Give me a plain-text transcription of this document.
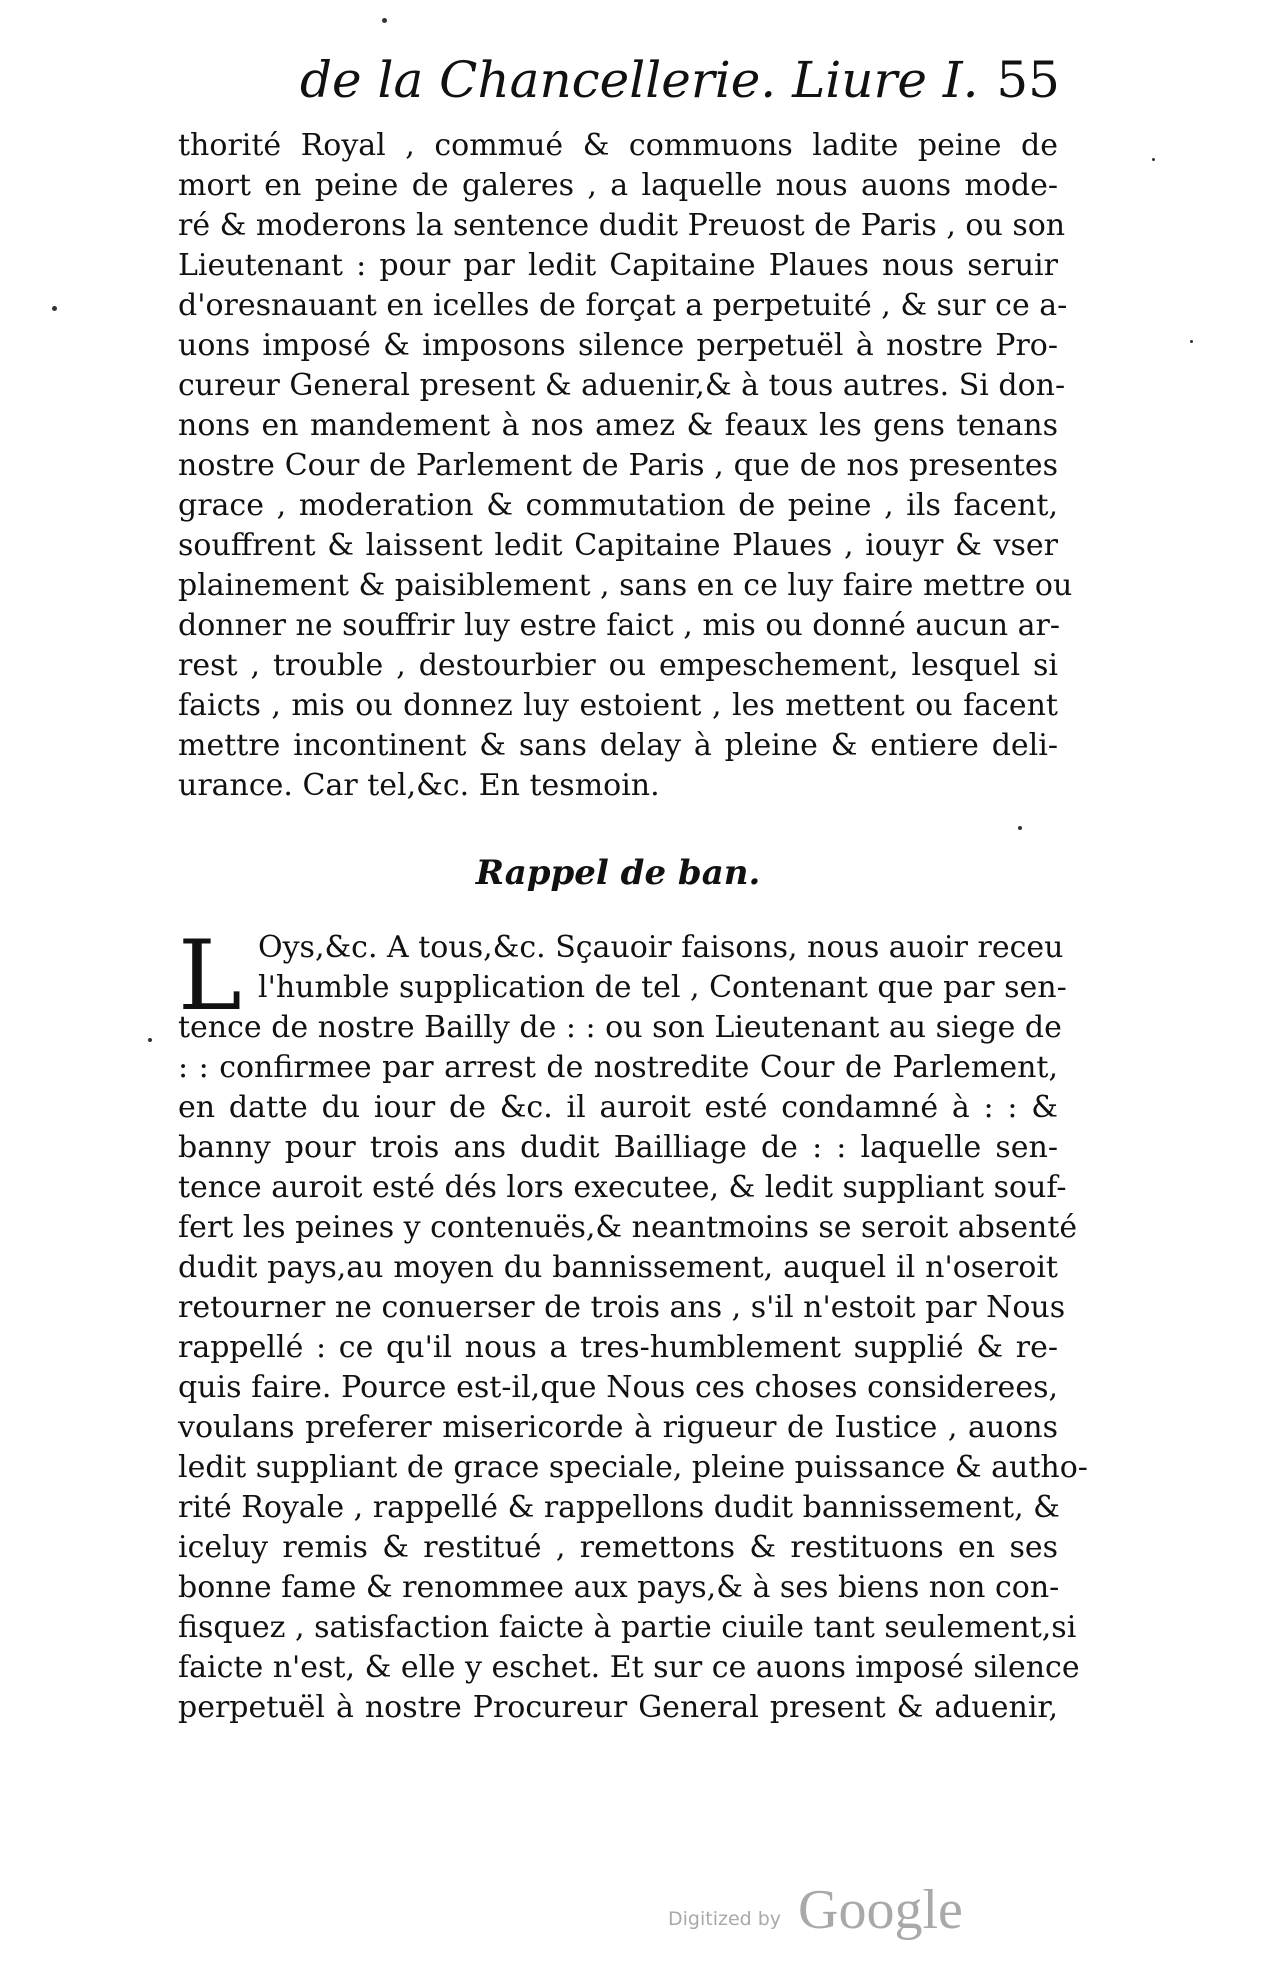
de la Chancellerie. Liure I. 55
thorité Royal , commué & commuons ladite peine de
mort en peine de galeres , a laquelle nous auons mode-
ré & moderons la sentence dudit Preuost de Paris , ou son
Lieutenant : pour par ledit Capitaine Plaues nous seruir
d'oresnauant en icelles de forçat a perpetuité , & sur ce a-
uons imposé & imposons silence perpetuël à nostre Pro-
cureur General present & aduenir,& à tous autres. Si don-
nons en mandement à nos amez & feaux les gens tenans
nostre Cour de Parlement de Paris , que de nos presentes
grace , moderation & commutation de peine , ils facent,
souffrent & laissent ledit Capitaine Plaues , iouyr & vser
plainement & paisiblement , sans en ce luy faire mettre ou
donner ne souffrir luy estre faict , mis ou donné aucun ar-
rest , trouble , destourbier ou empeschement, lesquel si
faicts , mis ou donnez luy estoient , les mettent ou facent
mettre incontinent & sans delay à pleine & entiere deli-
urance. Car tel,&c. En tesmoin.
Rappel de ban.
L Oys,&c. A tous,&c. Sçauoir faisons, nous auoir receu
l'humble supplication de tel , Contenant que par sen-
tence de nostre Bailly de : : ou son Lieutenant au siege de
: : confirmee par arrest de nostredite Cour de Parlement,
en datte du iour de &c. il auroit esté condamné à : : &
banny pour trois ans dudit Bailliage de : : laquelle sen-
tence auroit esté dés lors executee, & ledit suppliant souf-
fert les peines y contenuës,& neantmoins se seroit absenté
dudit pays,au moyen du bannissement, auquel il n'oseroit
retourner ne conuerser de trois ans , s'il n'estoit par Nous
rappellé : ce qu'il nous a tres-humblement supplié & re-
quis faire. Pource est-il,que Nous ces choses considerees,
voulans preferer misericorde à rigueur de Iustice , auons
ledit suppliant de grace speciale, pleine puissance & autho-
rité Royale , rappellé & rappellons dudit bannissement, &
iceluy remis & restitué , remettons & restituons en ses
bonne fame & renommee aux pays,& à ses biens non con-
fisquez , satisfaction faicte à partie ciuile tant seulement,si
faicte n'est, & elle y eschet. Et sur ce auons imposé silence
perpetuël à nostre Procureur General present & aduenir,
Digitized by Google
